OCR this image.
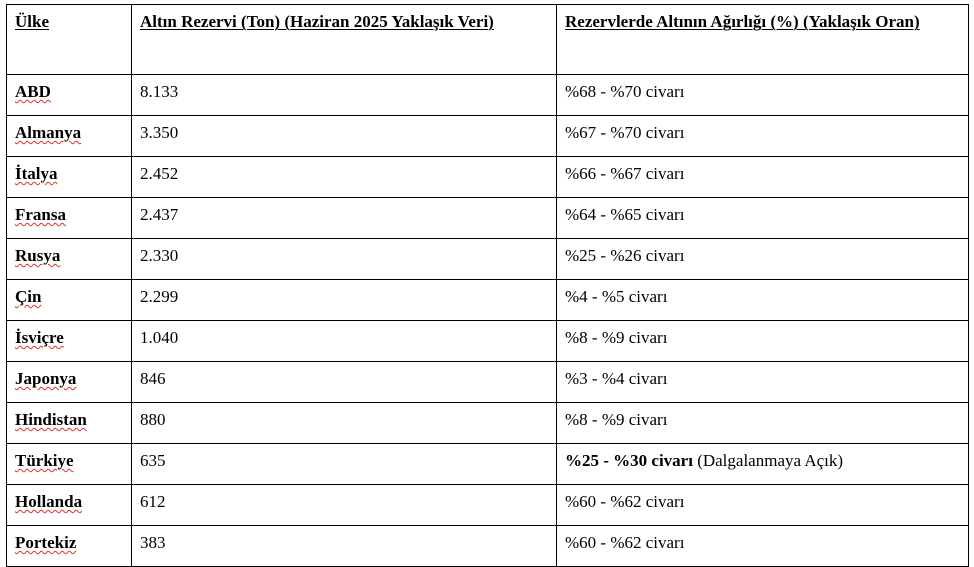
Ülke	Altın Rezervi (Ton) (Haziran 2025 Yaklaşık Veri)	Rezervlerde Altının Ağırlığı (%) (Yaklaşık Oran)
ABD	8.133	%68 - %70 civarı
Almanya	3.350	%67 - %70 civarı
İtalya	2.452	%66 - %67 civarı
Fransa	2.437	%64 - %65 civarı
Rusya	2.330	%25 - %26 civarı
Çin	2.299	%4 - %5 civarı
İsviçre	1.040	%8 - %9 civarı
Japonya	846	%3 - %4 civarı
Hindistan	880	%8 - %9 civarı
Türkiye	635	%25 - %30 civarı (Dalgalanmaya Açık)
Hollanda	612	%60 - %62 civarı
Portekiz	383	%60 - %62 civarı
